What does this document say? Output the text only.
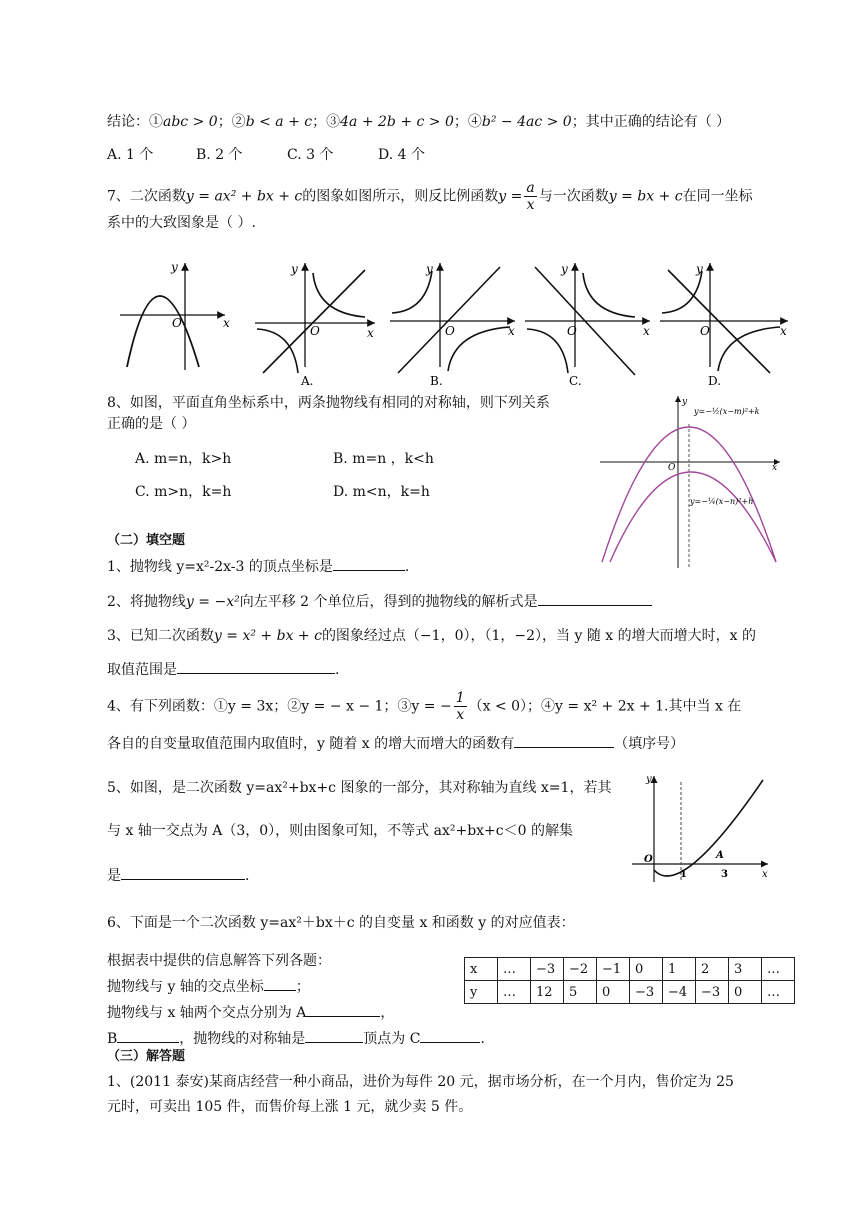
结论：①abc > 0；②b < a + c；③4a + 2b + c > 0；④b² − 4ac > 0；其中正确的结论有（ ）
A. 1 个	B. 2 个	C. 3 个	D. 4 个
7、二次函数y = ax² + bx + c的图象如图所示，则反比例函数$y = \frac{a}{x}$ 与一次函数y = bx + c在同一坐标
系中的大致图象是（ ）.
O	x
y
O
y
x
A.
O
y
x
B.
O
y
x
C.
O
y
x
D.
8、如图，平面直角坐标系中，两条抛物线有相同的对称轴，则下列关系
正确的是（ ）
A. m=n，k>h	B. m=n ，k<h
C. m>n，k=h	D. m<n，k=h
O
y
x
y=−½(x−m)²+k
y=−¼(x−n)²+h
（二）填空题
1、抛物线 y=x²-2x-3 的顶点坐标是	.
2、将抛物线y = −x²向左平移 2 个单位后，得到的抛物线的解析式是
3、已知二次函数y = x² + bx + c的图象经过点（−1，0），（1，−2），当 y 随 x 的增大而增大时，x 的
取值范围是	.
4、有下列函数：①y = 3x；②y = − x − 1；③y = − $\frac{1}{x} (x < 0)$；④y = x² + 2x + 1.其中当 x 在
各自的自变量取值范围内取值时，y 随着 x 的增大而增大的函数有	（填序号）
5、如图，是二次函数 y=ax²+bx+c 图象的一部分，其对称轴为直线 x=1，若其
与 x 轴一交点为 A（3，0），则由图象可知，不等式 ax²+bx+c＜0 的解集
是	.
O
1	3
A
x
y
6、下面是一个二次函数 y=ax²＋bx＋c 的自变量 x 和函数 y 的对应值表：
根据表中提供的信息解答下列各题：
抛物线与 y 轴的交点坐标 ；
抛物线与 x 轴两个交点分别为 A	，
B	，抛物线的对称轴是	顶点为 C	.
x	…	−3	−2	−1	0	1	2	3	…
y	…	12	5	0	−3	−4	−3	0	…
（三）解答题
1、(2011 泰安)某商店经营一种小商品，进价为每件 20 元，据市场分析，在一个月内，售价定为 25
元时，可卖出 105 件，而售价每上涨 1 元，就少卖 5 件。
